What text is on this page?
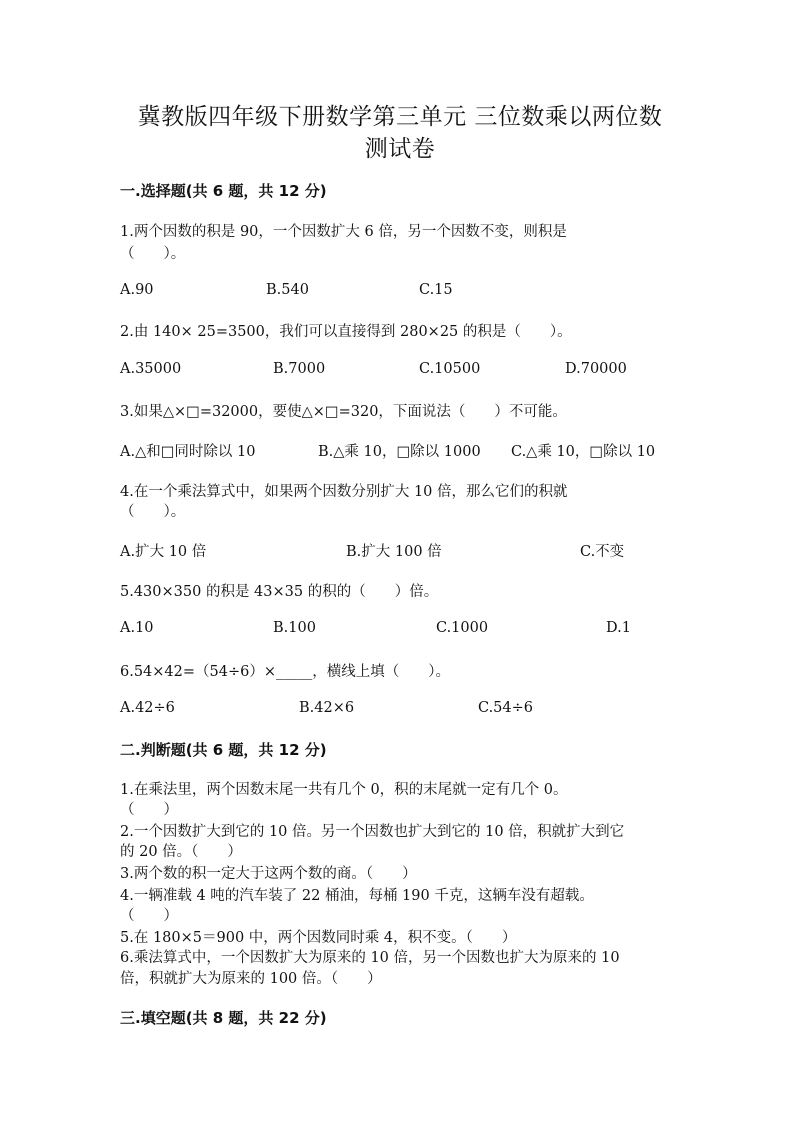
冀教版四年级下册数学第三单元 三位数乘以两位数
测试卷
一.选择题(共 6 题，共 12 分)
1.两个因数的积是 90，一个因数扩大 6 倍，另一个因数不变，则积是
（　　）。
A.90	B.540	C.15
2.由 140× 25=3500，我们可以直接得到 280×25 的积是（　　）。
A.35000	B.7000	C.10500	D.70000
3.如果△×□=32000，要使△×□=320，下面说法（　　）不可能。
A.△和□同时除以 10	B.△乘 10，□除以 1000 C.△乘 10，□除以 10
4.在一个乘法算式中，如果两个因数分别扩大 10 倍，那么它们的积就
（　　）。
A.扩大 10 倍	B.扩大 100 倍	C.不变
5.430×350 的积是 43×35 的积的（　　）倍。
A.10	B.100	C.1000	D.1
6.54×42=（54÷6）×_____，横线上填（　　）。
A.42÷6	B.42×6	C.54÷6
二.判断题(共 6 题，共 12 分)
1.在乘法里，两个因数末尾一共有几个 0，积的末尾就一定有几个 0。
（　　）
2.一个因数扩大到它的 10 倍。另一个因数也扩大到它的 10 倍，积就扩大到它
的 20 倍。（　　）
3.两个数的积一定大于这两个数的商。（　　）
4.一辆准载 4 吨的汽车装了 22 桶油，每桶 190 千克，这辆车没有超载。
（　　）
5.在 180×5＝900 中，两个因数同时乘 4，积不变。（　　）
6.乘法算式中，一个因数扩大为原来的 10 倍，另一个因数也扩大为原来的 10
倍，积就扩大为原来的 100 倍。（　　）
三.填空题(共 8 题，共 22 分)
